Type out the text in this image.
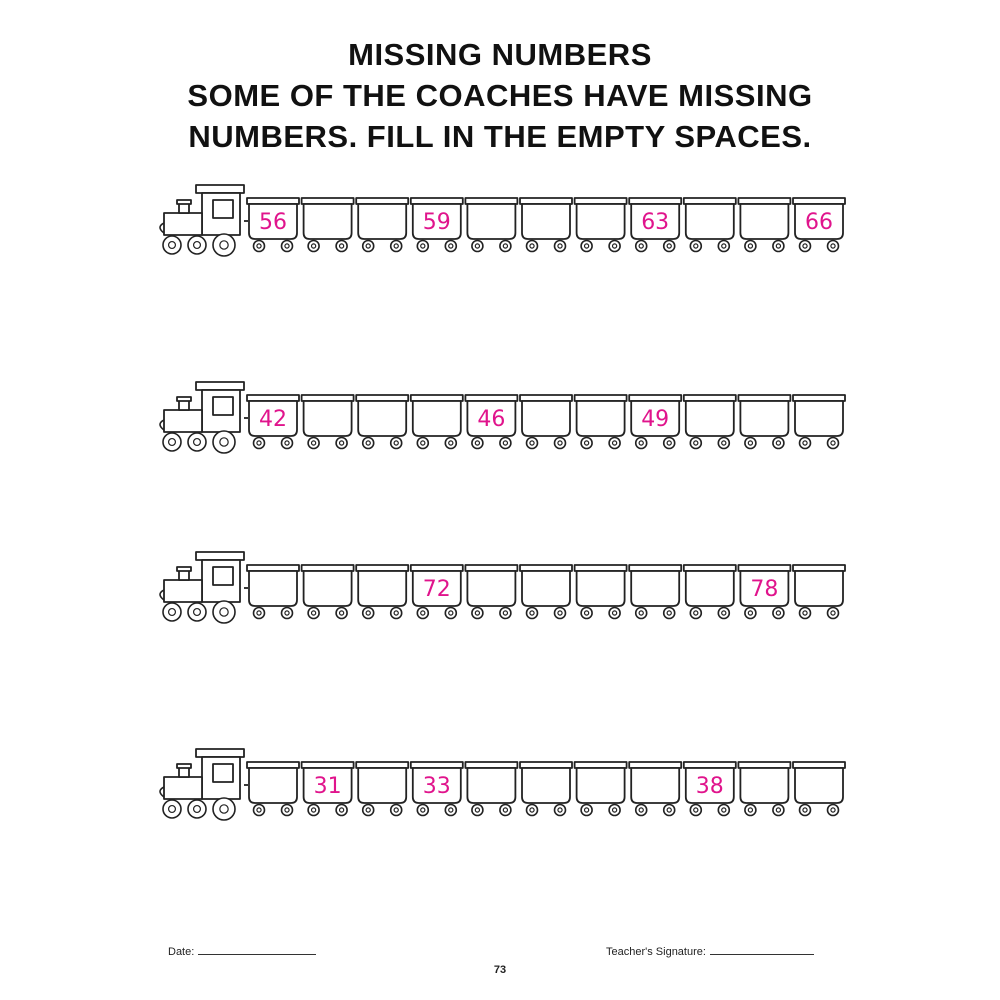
MISSING NUMBERS
SOME OF THE COACHES HAVE MISSING
NUMBERS. FILL IN THE EMPTY SPACES.
56	59	63	66
42	46	49
72	78
31	33	38
Date:	Teacher's Signature:
73
